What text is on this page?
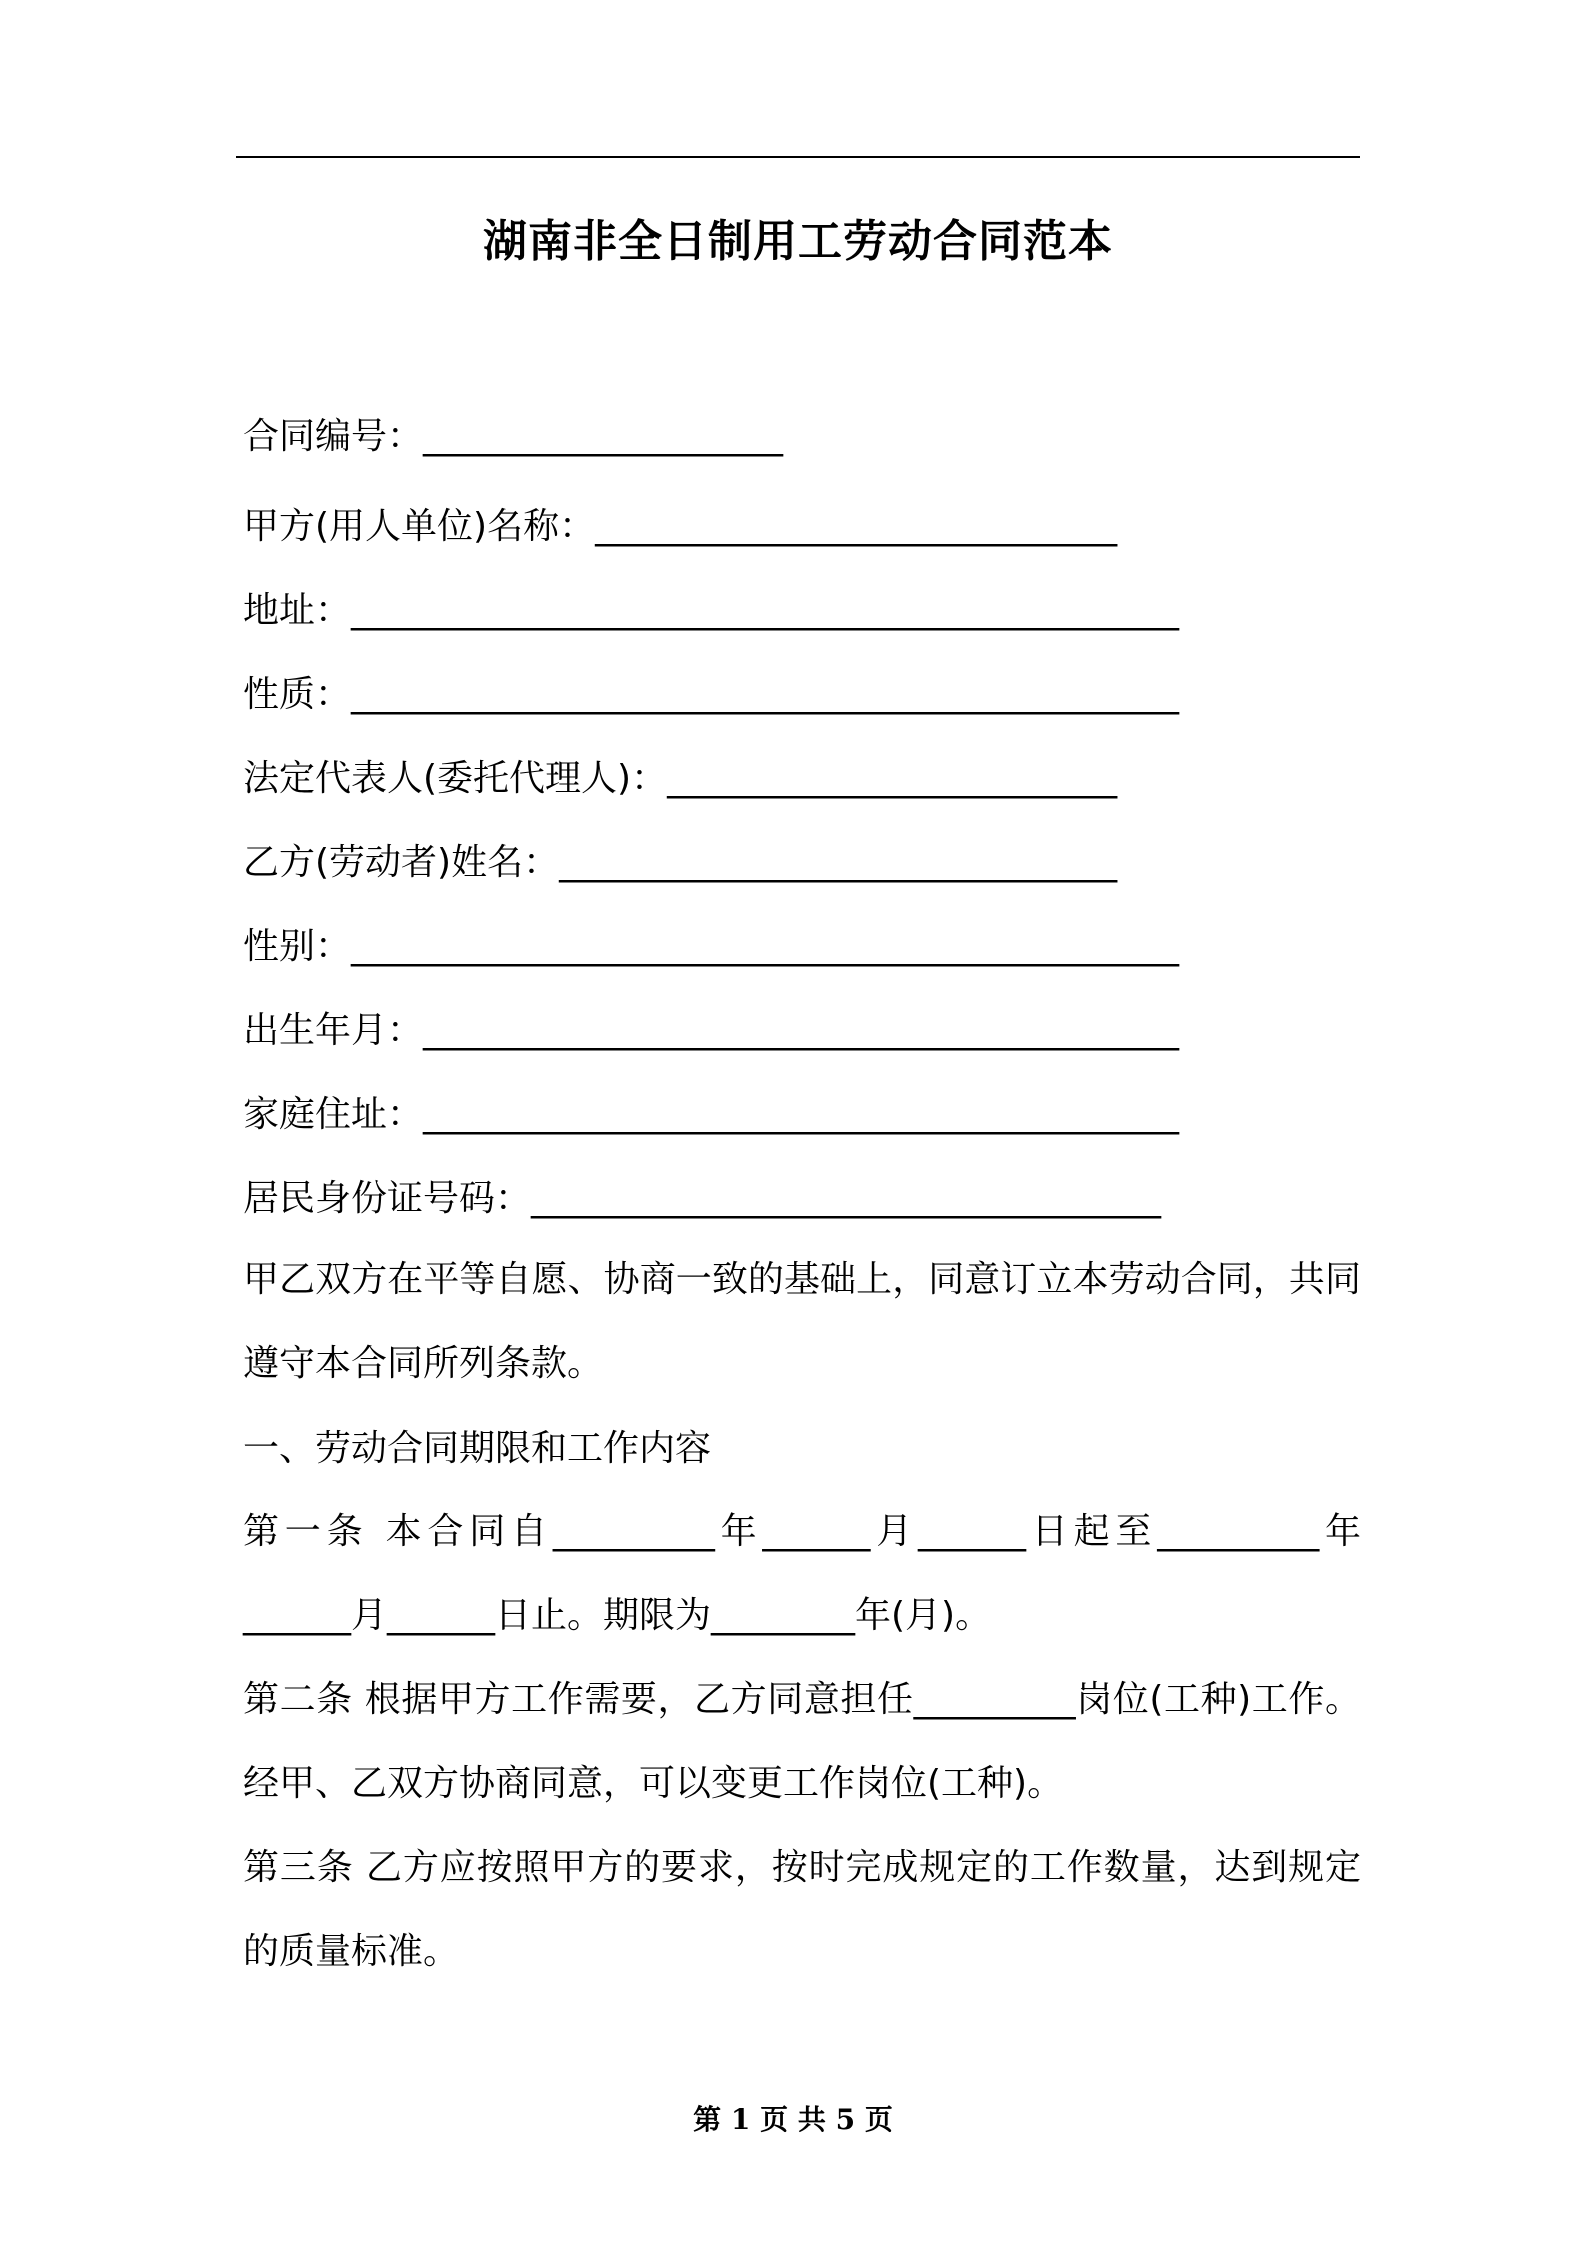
湖南非全日制用工劳动合同范本
合同编号：____________________
甲方(用人单位)名称：_____________________________
地址：______________________________________________
性质：______________________________________________
法定代表人(委托代理人)：_________________________
乙方(劳动者)姓名：_______________________________
性别：______________________________________________
出生年月：__________________________________________
家庭住址：__________________________________________
居民身份证号码：___________________________________
甲乙双方在平等自愿、协商一致的基础上，同意订立本劳动合同，共同遵守本合同所列条款。
一、劳动合同期限和工作内容
第一条 本合同自_________年______月______日起至_________年______月______日止。期限为________年(月)。
第二条 根据甲方工作需要，乙方同意担任_________岗位(工种)工作。经甲、乙双方协商同意，可以变更工作岗位(工种)。
第三条 乙方应按照甲方的要求，按时完成规定的工作数量，达到规定的质量标准。
第 1 页 共 5 页
